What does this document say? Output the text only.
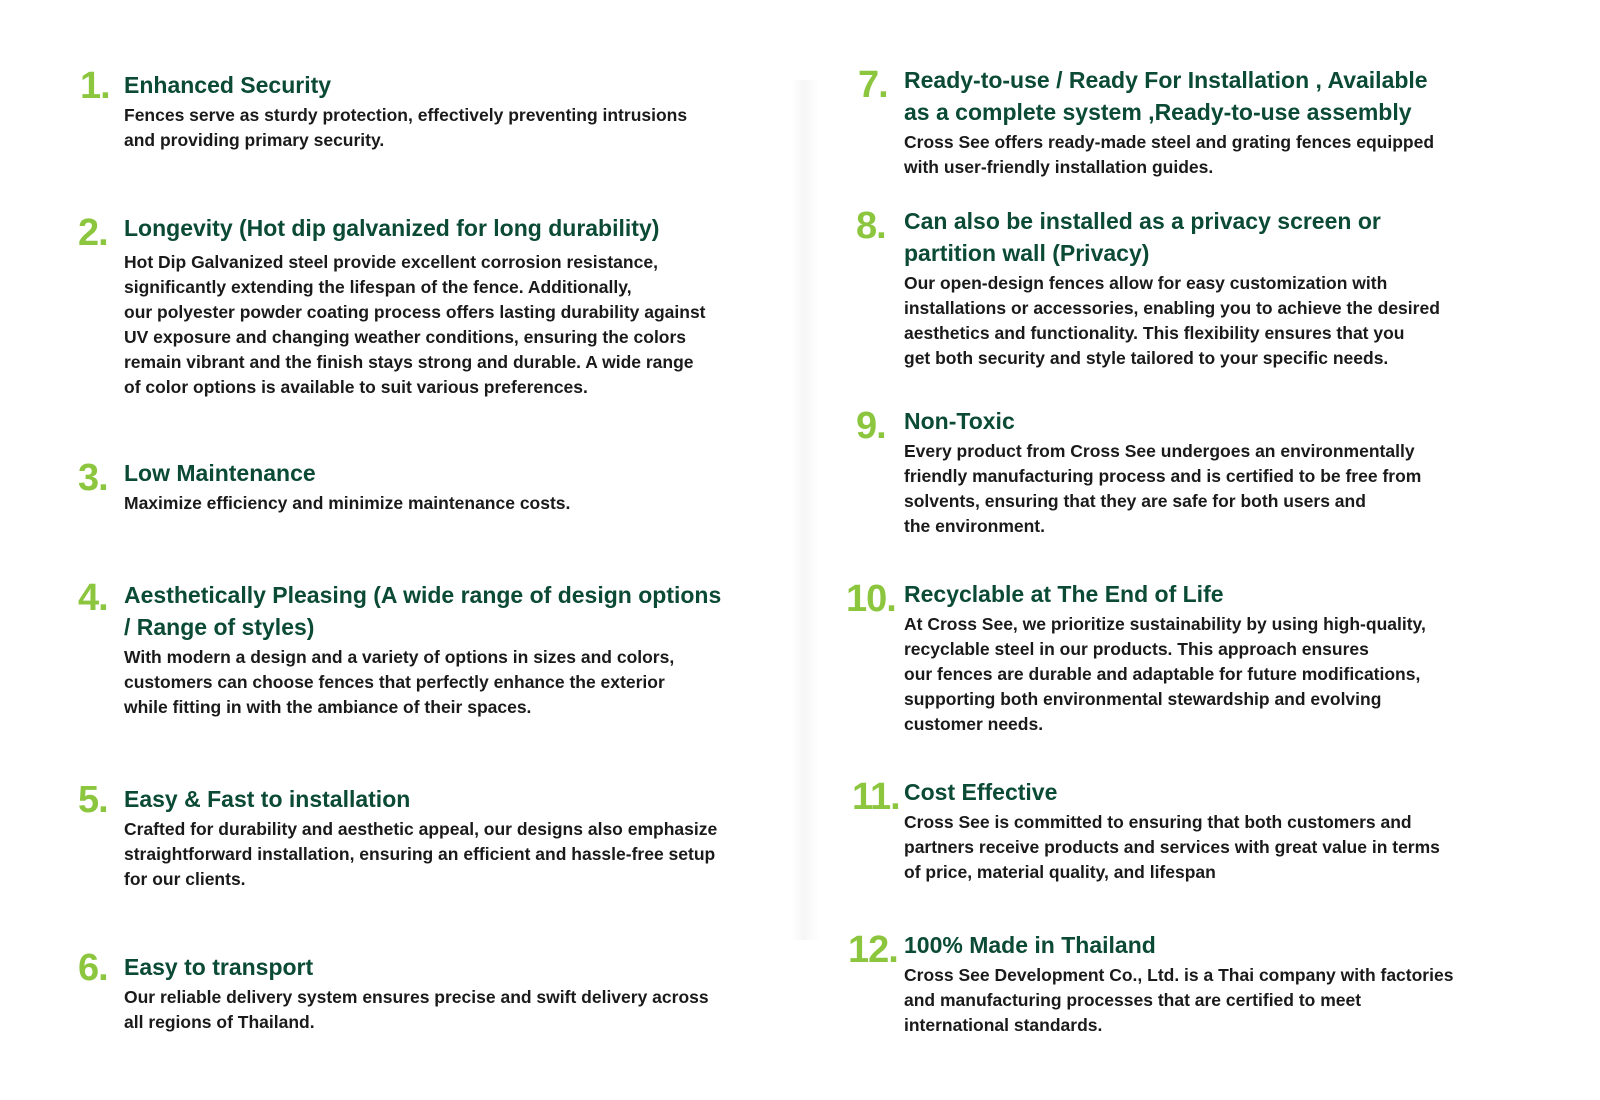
1. Enhanced Security

Fences serve as sturdy protection, effectively preventing intrusions
and providing primary security.

2. Longevity (Hot dip galvanized for long durability)

Hot Dip Galvanized steel provide excellent corrosion resistance,
significantly extending the lifespan of the fence. Additionally,
our polyester powder coating process offers lasting durability against
UV exposure and changing weather conditions, ensuring the colors
remain vibrant and the finish stays strong and durable. A wide range
of color options is available to suit various preferences.

3. Low Maintenance

Maximize efficiency and minimize maintenance costs.

4. Aesthetically Pleasing (A wide range of design options
/ Range of styles)

With modern a design and a variety of options in sizes and colors,
customers can choose fences that perfectly enhance the exterior
while fitting in with the ambiance of their spaces.

5. Easy & Fast to installation

Crafted for durability and aesthetic appeal, our designs also emphasize
straightforward installation, ensuring an efficient and hassle-free setup
for our clients.

6. Easy to transport

Our reliable delivery system ensures precise and swift delivery across
all regions of Thailand.

7. Ready-to-use / Ready For Installation , Available
as a complete system ,Ready-to-use assembly

Cross See offers ready-made steel and grating fences equipped
with user-friendly installation guides.

8. Can also be installed as a privacy screen or
partition wall (Privacy)

Our open-design fences allow for easy customization with
installations or accessories, enabling you to achieve the desired
aesthetics and functionality. This flexibility ensures that you
get both security and style tailored to your specific needs.

9. Non-Toxic

Every product from Cross See undergoes an environmentally
friendly manufacturing process and is certified to be free from
solvents, ensuring that they are safe for both users and
the environment.

10. Recyclable at The End of Life

At Cross See, we prioritize sustainability by using high-quality,
recyclable steel in our products. This approach ensures
our fences are durable and adaptable for future modifications,
supporting both environmental stewardship and evolving
customer needs.

11. Cost Effective

Cross See is committed to ensuring that both customers and
partners receive products and services with great value in terms
of price, material quality, and lifespan

12. 100% Made in Thailand

Cross See Development Co., Ltd. is a Thai company with factories
and manufacturing processes that are certified to meet
international standards.
